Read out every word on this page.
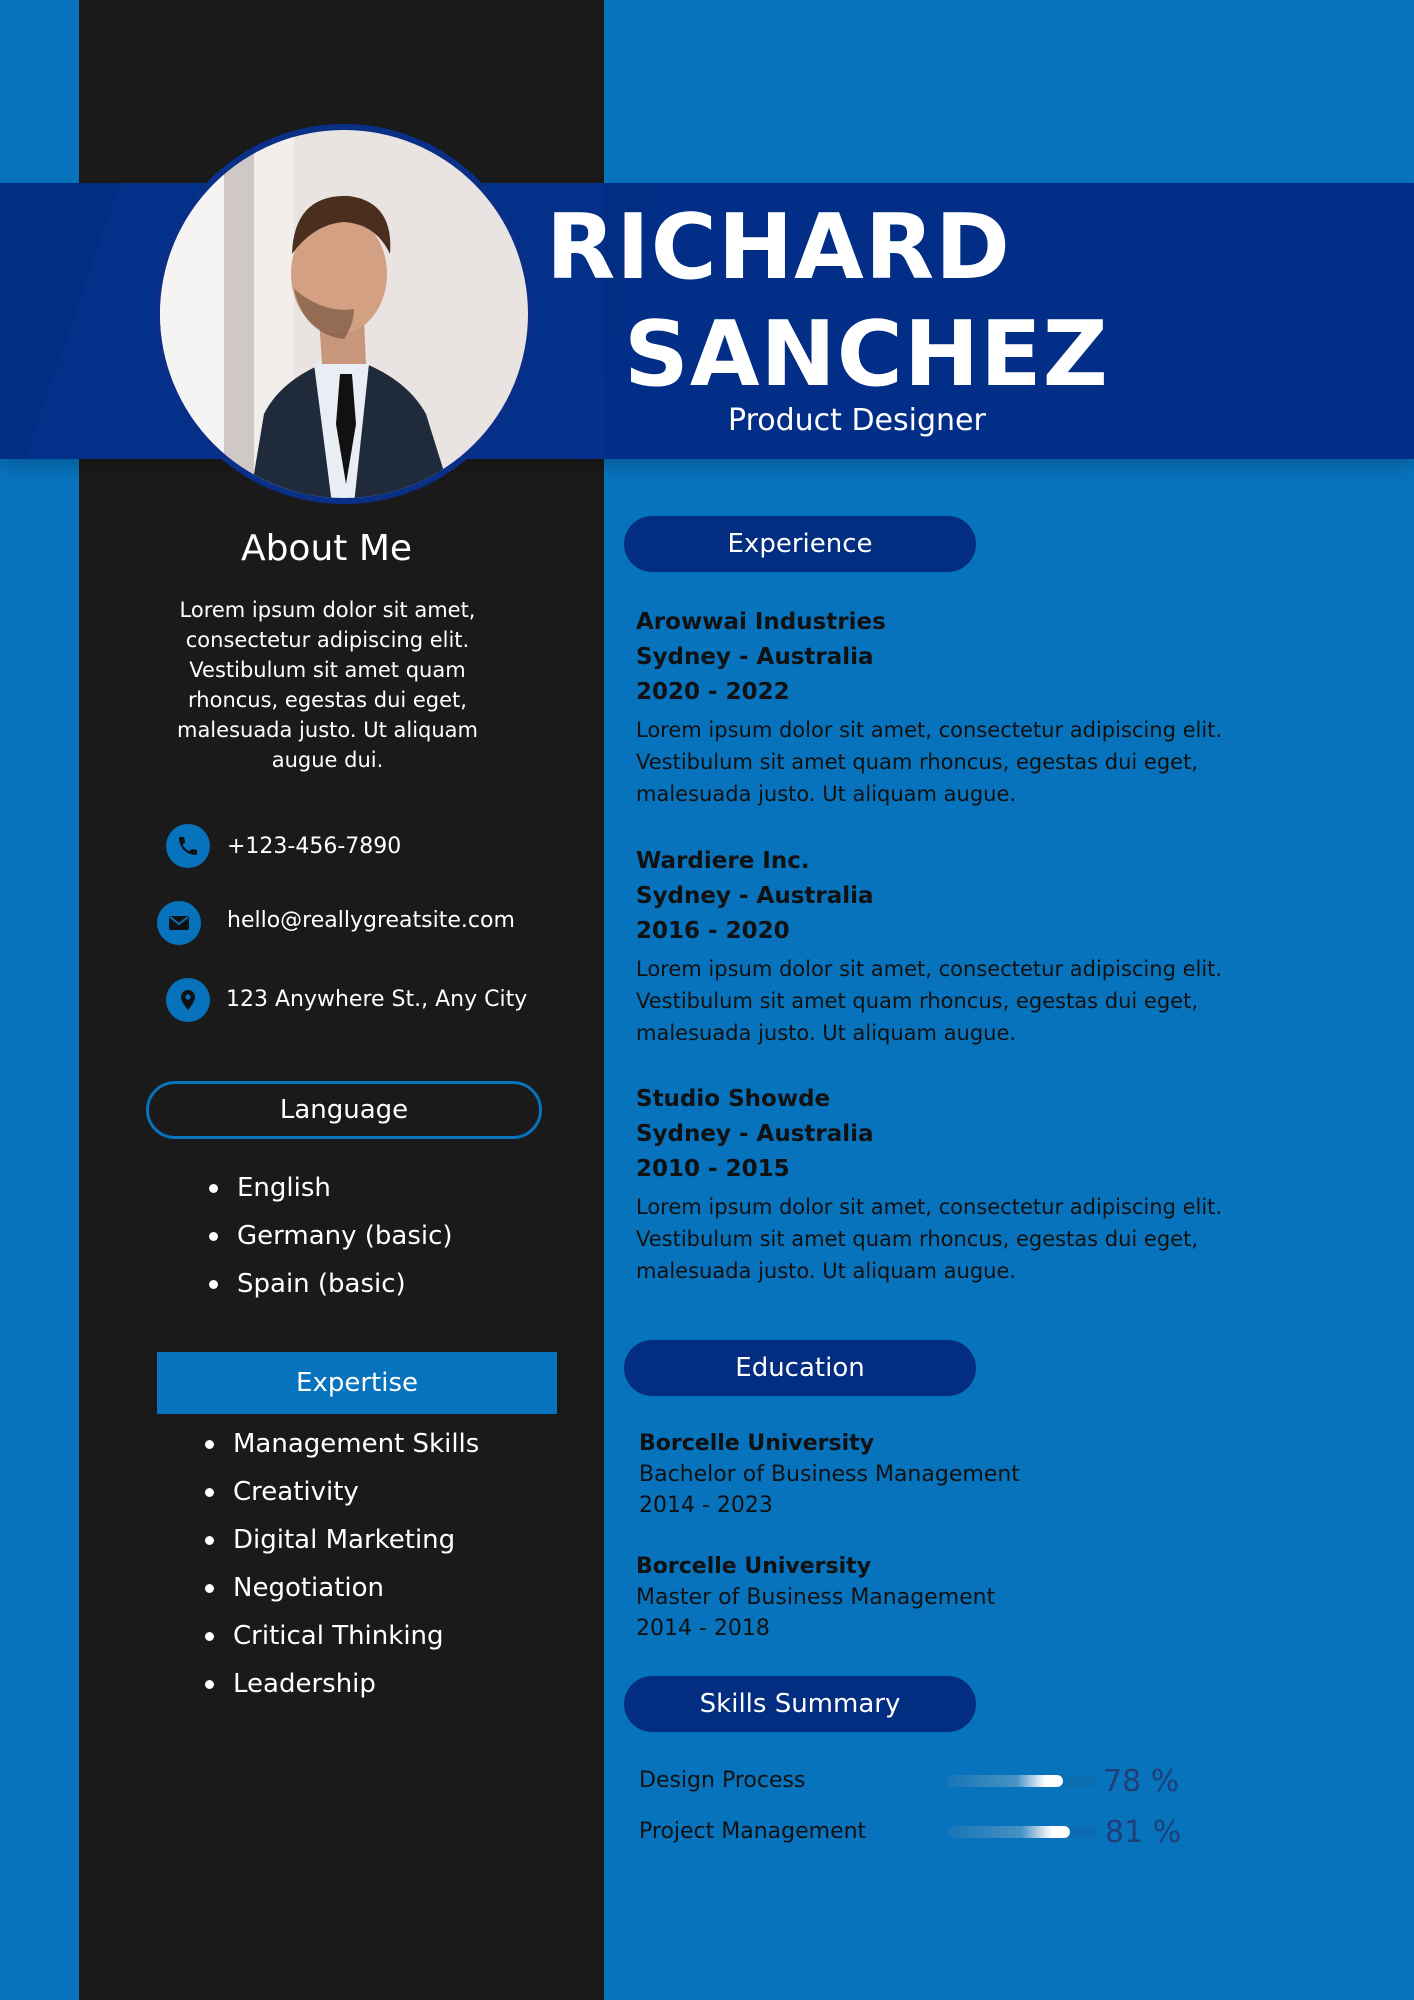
RICHARD
SANCHEZ
Product Designer
About Me
Lorem ipsum dolor sit amet, consectetur adipiscing elit. Vestibulum sit amet quam rhoncus, egestas dui eget, malesuada justo. Ut aliquam augue dui.
+123-456-7890
hello@reallygreatsite.com
123 Anywhere St., Any City
Language
English
Germany (basic)
Spain (basic)
Expertise
Management Skills
Creativity
Digital Marketing
Negotiation
Critical Thinking
Leadership
Experience
Arowwai Industries
Sydney - Australia
2020 - 2022
Lorem ipsum dolor sit amet, consectetur adipiscing elit. Vestibulum sit amet quam rhoncus, egestas dui eget, malesuada justo. Ut aliquam augue.
Wardiere Inc.
Sydney - Australia
2016 - 2020
Lorem ipsum dolor sit amet, consectetur adipiscing elit. Vestibulum sit amet quam rhoncus, egestas dui eget, malesuada justo. Ut aliquam augue.
Studio Showde
Sydney - Australia
2010 - 2015
Lorem ipsum dolor sit amet, consectetur adipiscing elit. Vestibulum sit amet quam rhoncus, egestas dui eget, malesuada justo. Ut aliquam augue.
Education
Borcelle University
Bachelor of Business Management
2014 - 2023
Borcelle University
Master of Business Management
2014 - 2018
Skills Summary
Design Process	78 %
Project Management	81 %
